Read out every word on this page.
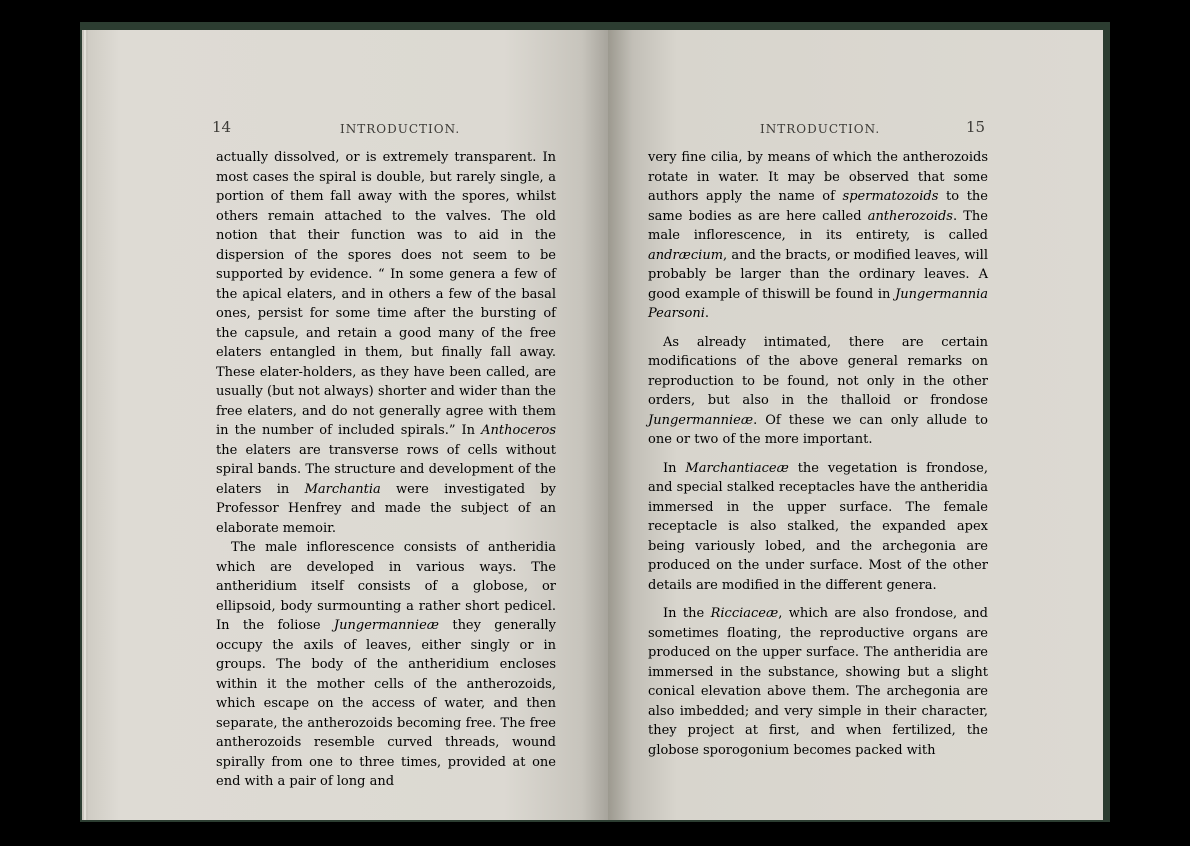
14	INTRODUCTION.	INTRODUCTION.	15

actually dissolved, or is extremely transparent. In most cases the spiral is double, but rarely single, a portion of them fall away with the spores, whilst others remain attached to the valves. The old notion that their function was to aid in the dispersion of the spores does not seem to be supported by evidence. “ In some genera a few of the apical elaters, and in others a few of the basal ones, persist for some time after the bursting of the capsule, and retain a good many of the free elaters entangled in them, but finally fall away. These elater-holders, as they have been called, are usually (but not always) shorter and wider than the free elaters, and do not generally agree with them in the number of included spirals.” In Anthoceros the elaters are transverse rows of cells without spiral bands. The structure and development of the elaters in Marchantia were investigated by Professor Henfrey and made the subject of an elaborate memoir.

The male inflorescence consists of antheridia which are developed in various ways. The antheridium itself consists of a globose, or ellipsoid, body surmounting a rather short pedicel. In the foliose Jungermannieæ they generally occupy the axils of leaves, either singly or in groups. The body of the antheridium encloses within it the mother cells of the antherozoids, which escape on the access of water, and then separate, the antherozoids becoming free. The free antherozoids resemble curved threads, wound spirally from one to three times, provided at one end with a pair of long and

very fine cilia, by means of which the antherozoids rotate in water. It may be observed that some authors apply the name of spermatozoids to the same bodies as are here called antherozoids. The male inflorescence, in its entirety, is called andræcium, and the bracts, or modified leaves, will probably be larger than the ordinary leaves. A good example of thiswill be found in Jungermannia Pearsoni.

As already intimated, there are certain modifications of the above general remarks on reproduction to be found, not only in the other orders, but also in the thalloid or frondose Jungermannieæ. Of these we can only allude to one or two of the more important.

In Marchantiaceæ the vegetation is frondose, and special stalked receptacles have the antheridia immersed in the upper surface. The female receptacle is also stalked, the expanded apex being variously lobed, and the archegonia are produced on the under surface. Most of the other details are modified in the different genera.

In the Ricciaceæ, which are also frondose, and sometimes floating, the reproductive organs are produced on the upper surface. The antheridia are immersed in the substance, showing but a slight conical elevation above them. The archegonia are also imbedded; and very simple in their character, they project at first, and when fertilized, the globose sporogonium becomes packed with
